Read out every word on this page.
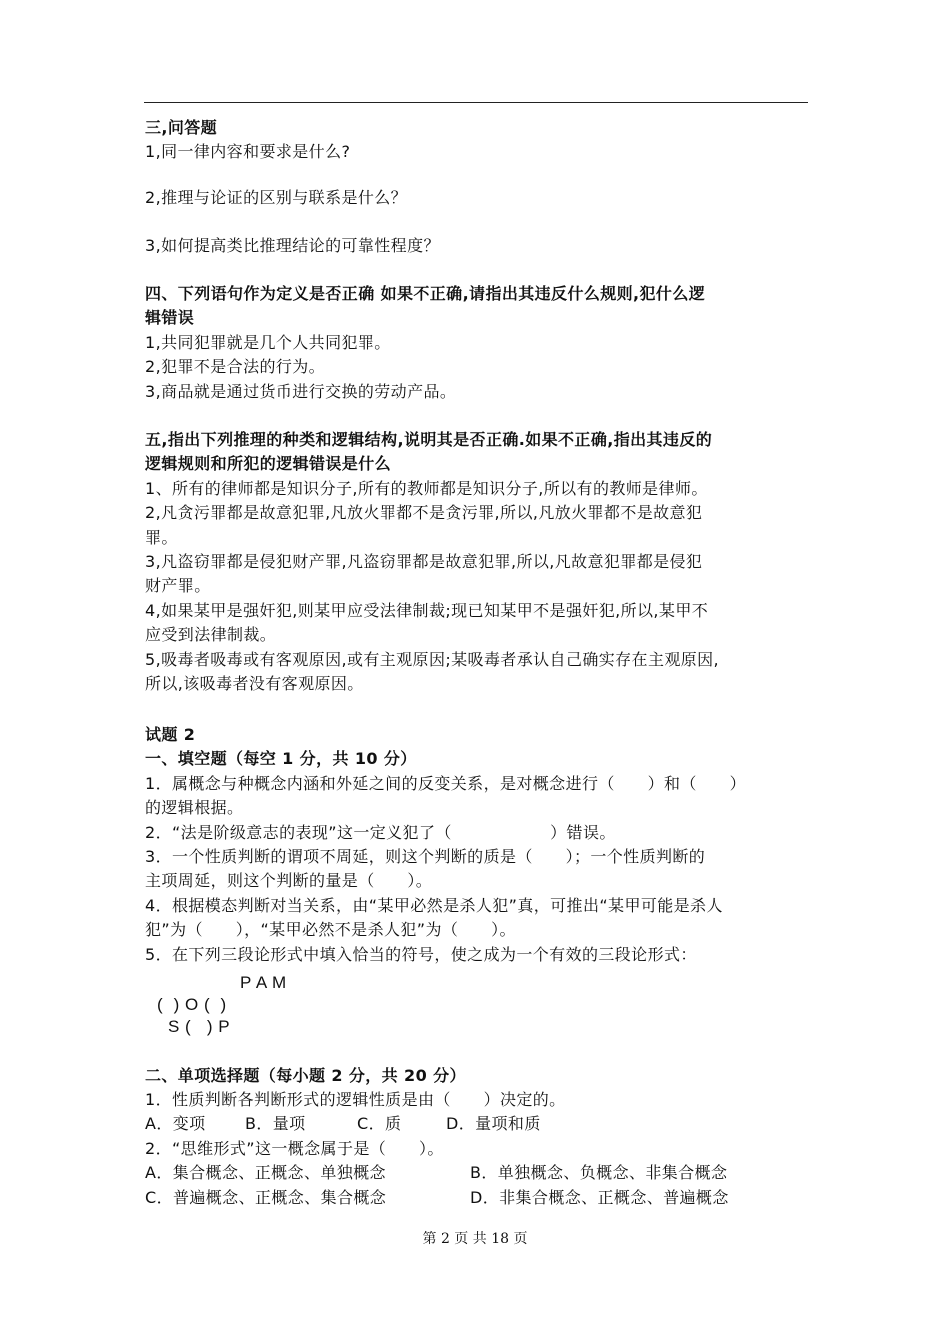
三,问答题
1,同一律内容和要求是什么?
2,推理与论证的区别与联系是什么？
3,如何提高类比推理结论的可靠性程度？
四、下列语句作为定义是否正确 如果不正确,请指出其违反什么规则,犯什么逻
辑错误
1,共同犯罪就是几个人共同犯罪。
2,犯罪不是合法的行为。
3,商品就是通过货币进行交换的劳动产品。
五,指出下列推理的种类和逻辑结构,说明其是否正确.如果不正确,指出其违反的
逻辑规则和所犯的逻辑错误是什么
1、所有的律师都是知识分子,所有的教师都是知识分子,所以有的教师是律师。
2,凡贪污罪都是故意犯罪,凡放火罪都不是贪污罪,所以,凡放火罪都不是故意犯
罪。
3,凡盗窃罪都是侵犯财产罪,凡盗窃罪都是故意犯罪,所以,凡故意犯罪都是侵犯
财产罪。
4,如果某甲是强奸犯,则某甲应受法律制裁;现已知某甲不是强奸犯,所以,某甲不
应受到法律制裁。
5,吸毒者吸毒或有客观原因,或有主观原因;某吸毒者承认自己确实存在主观原因,
所以,该吸毒者没有客观原因。
试题 2
一、填空题（每空 1 分，共 10 分）
1．属概念与种概念内涵和外延之间的反变关系，是对概念进行（　　）和（　　）
的逻辑根据。
2．“法是阶级意志的表现”这一定义犯了（　　　　　　）错误。
3．一个性质判断的谓项不周延，则这个判断的质是（　　）；一个性质判断的
主项周延，则这个判断的量是（　　）。
4．根据模态判断对当关系，由“某甲必然是杀人犯”真，可推出“某甲可能是杀人
犯”为（　　），“某甲必然不是杀人犯”为（　　）。
5．在下列三段论形式中填入恰当的符号，使之成为一个有效的三段论形式：
P A M
(  ) O (  )
S (   ) P
二、单项选择题（每小题 2 分，共 20 分）
1．性质判断各判断形式的逻辑性质是由（　　）决定的。
A．变项 B．量项	C．质	D．量项和质
2．“思维形式”这一概念属于是（　　）。
A．集合概念、正概念、单独概念	B．单独概念、负概念、非集合概念
C．普遍概念、正概念、集合概念	D．非集合概念、正概念、普遍概念
第 2 页 共 18 页
